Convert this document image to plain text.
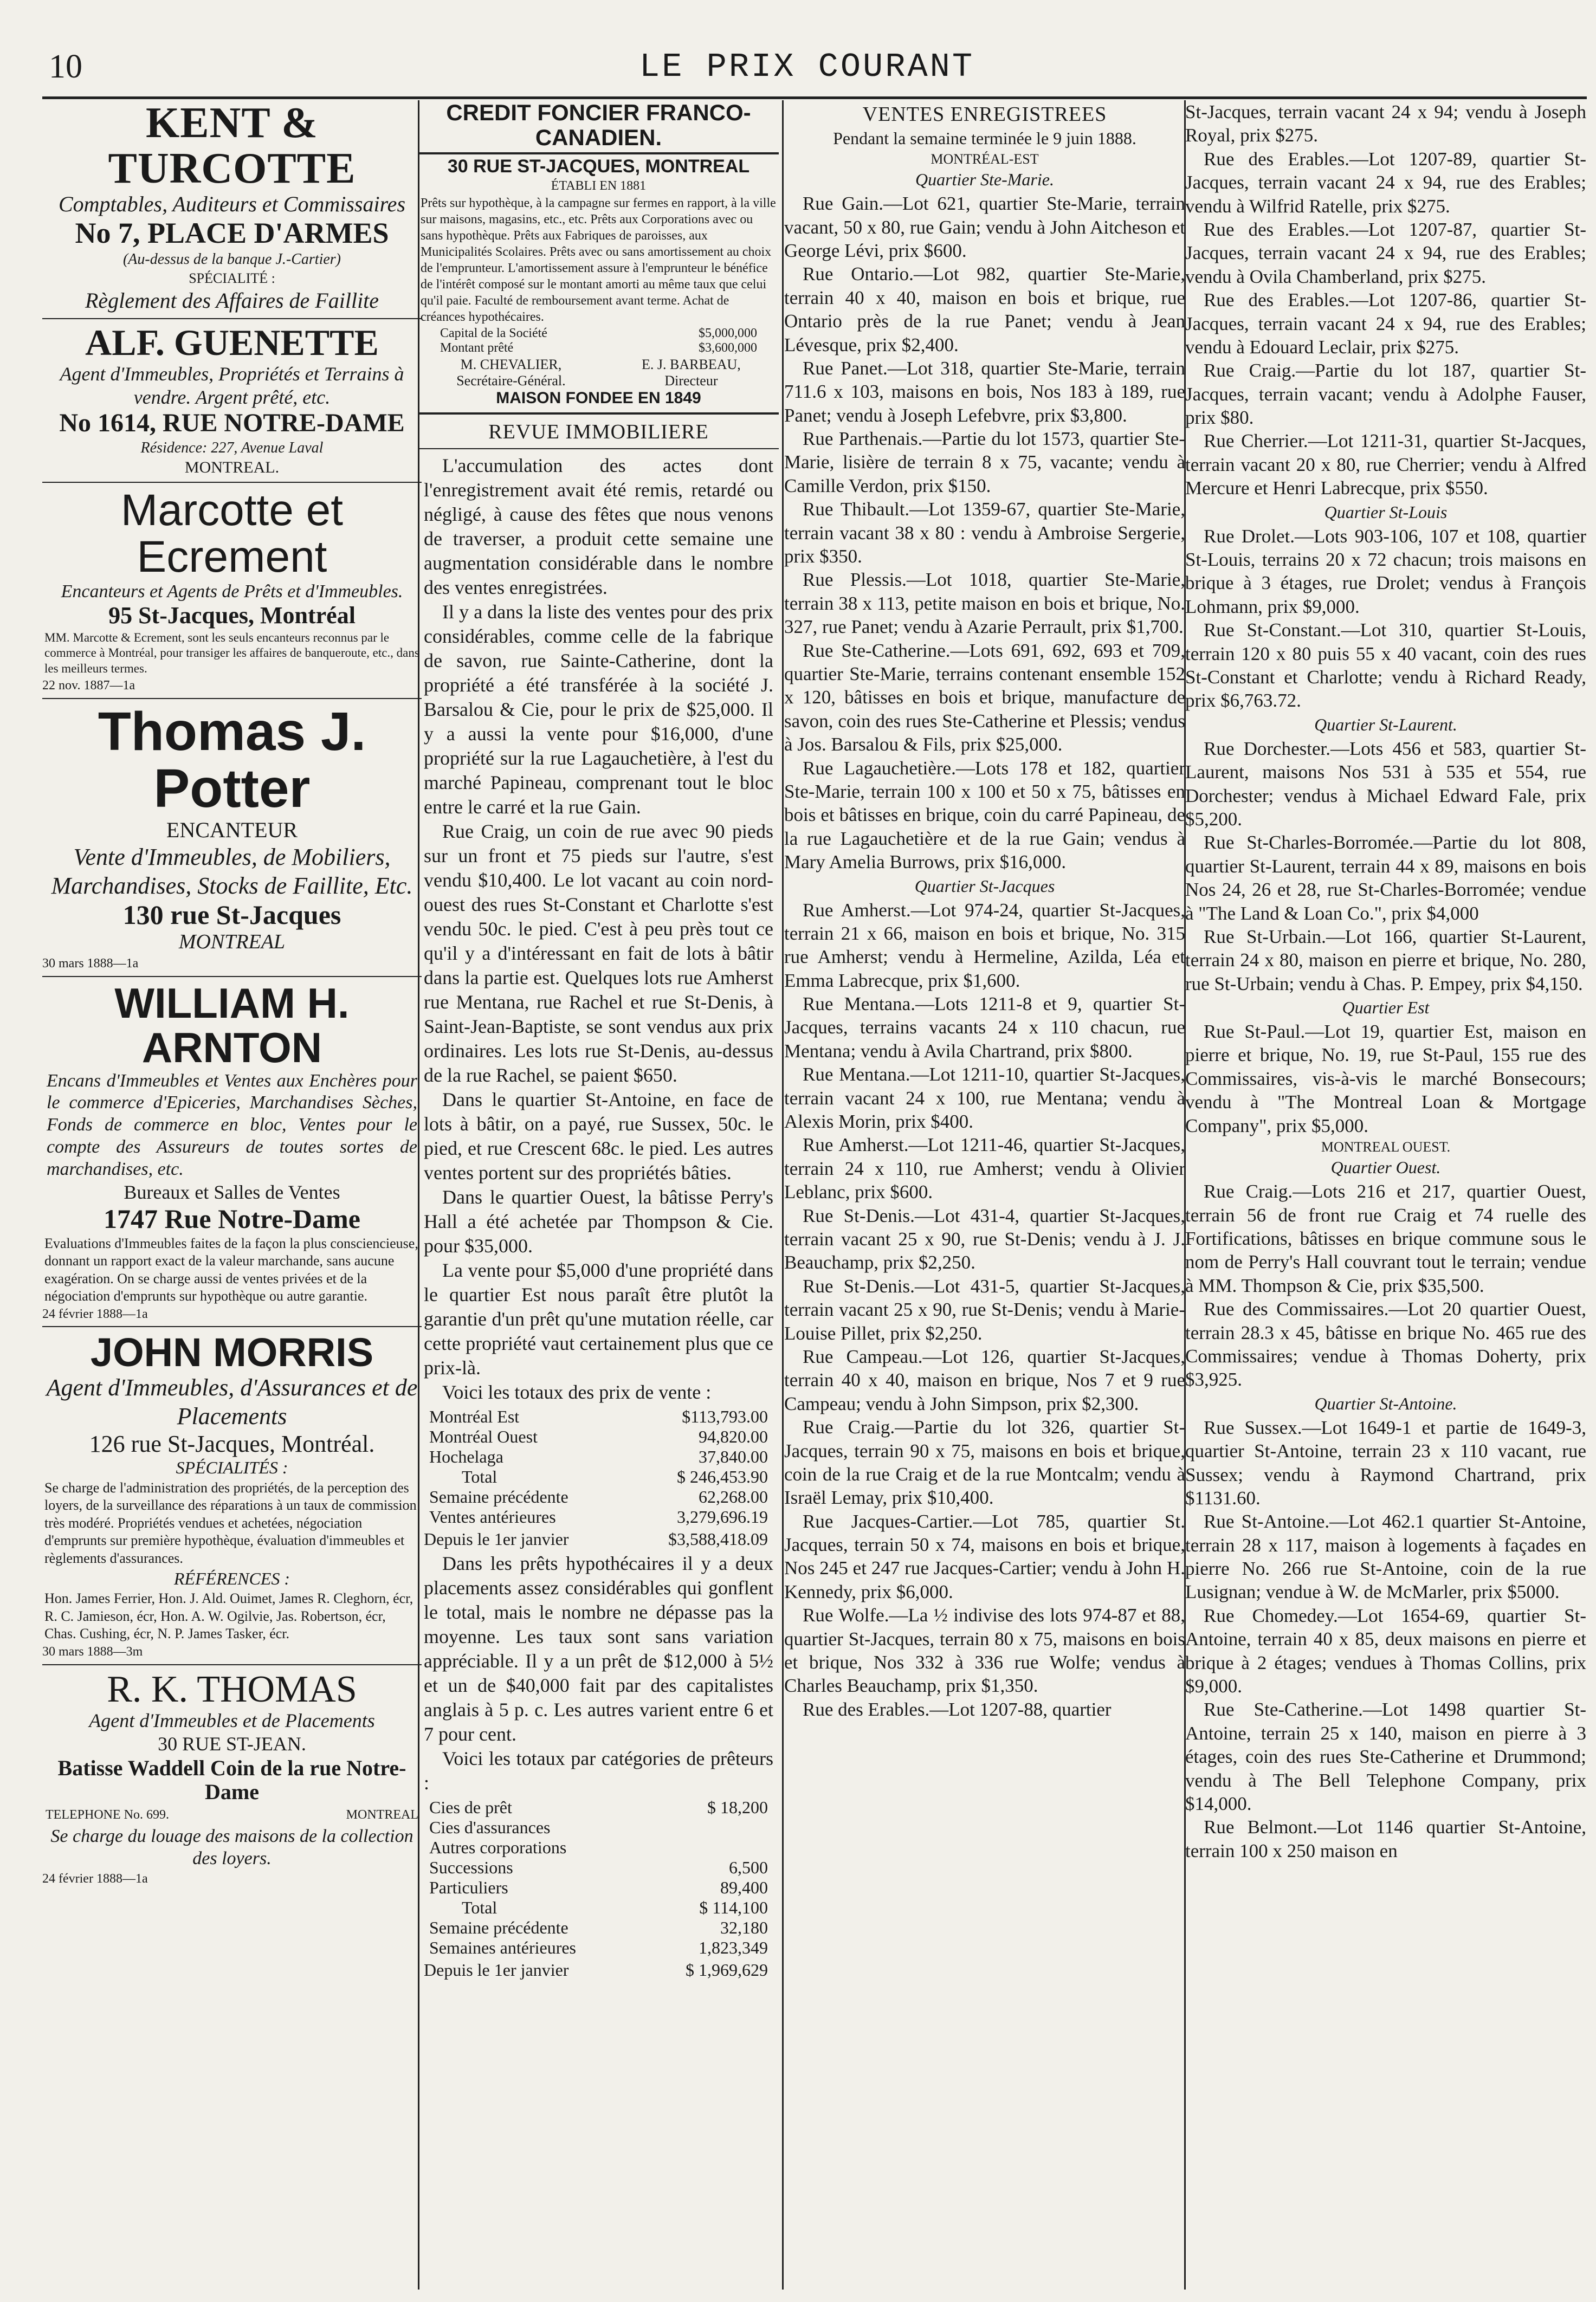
10	LE PRIX COURANT

KENT & TURCOTTE

Comptables, Auditeurs et Commissaires

No 7, PLACE D'ARMES

(Au-dessus de la banque J.-Cartier)

SPÉCIALITÉ :

Règlement des Affaires de Faillite

ALF. GUENETTE

Agent d'Immeubles, Propriétés et Terrains à vendre. Argent prêté, etc.

No 1614, RUE NOTRE-DAME

Résidence: 227, Avenue Laval

MONTREAL.

Marcotte et Ecrement

Encanteurs et Agents de Prêts et d'Immeubles.

95 St-Jacques, Montréal

MM. Marcotte & Ecrement, sont les seuls encanteurs reconnus par le commerce à Montréal, pour transiger les affaires de banqueroute, etc., dans les meilleurs termes.

22 nov. 1887—1a

Thomas J. Potter

ENCANTEUR

Vente d'Immeubles, de Mobiliers, Marchandises, Stocks de Faillite, Etc.

130 rue St-Jacques

MONTREAL

30 mars 1888—1a

WILLIAM H. ARNTON

Encans d'Immeubles et Ventes aux Enchères pour le commerce d'Epiceries, Marchandises Sèches, Fonds de commerce en bloc, Ventes pour le compte des Assureurs de toutes sortes de marchandises, etc.

Bureaux et Salles de Ventes

1747 Rue Notre-Dame

Evaluations d'Immeubles faites de la façon la plus consciencieuse, donnant un rapport exact de la valeur marchande, sans aucune exagération. On se charge aussi de ventes privées et de la négociation d'emprunts sur hypothèque ou autre garantie.

24 février 1888—1a

JOHN MORRIS

Agent d'Immeubles, d'Assurances et de Placements

126 rue St-Jacques, Montréal.

SPÉCIALITÉS :

Se charge de l'administration des propriétés, de la perception des loyers, de la surveillance des réparations à un taux de commission très modéré. Propriétés vendues et achetées, négociation d'emprunts sur première hypothèque, évaluation d'immeubles et règlements d'assurances.

RÉFÉRENCES :

Hon. James Ferrier, Hon. J. Ald. Ouimet, James R. Cleghorn, écr, R. C. Jamieson, écr, Hon. A. W. Ogilvie, Jas. Robertson, écr, Chas. Cushing, écr, N. P. James Tasker, écr.

30 mars 1888—3m

R. K. THOMAS

Agent d'Immeubles et de Placements

30 RUE ST-JEAN.

Batisse Waddell Coin de la rue Notre-Dame

TELEPHONE No. 699.	MONTREAL

Se charge du louage des maisons de la collection des loyers.

24 février 1888—1a

CREDIT FONCIER FRANCO-CANADIEN.

30 RUE ST-JACQUES, MONTREAL

ÉTABLI EN 1881

Prêts sur hypothèque, à la campagne sur fermes en rapport, à la ville sur maisons, magasins, etc., etc. Prêts aux Corporations avec ou sans hypothèque. Prêts aux Fabriques de paroisses, aux Municipalités Scolaires. Prêts avec ou sans amortissement au choix de l'emprunteur. L'amortissement assure à l'emprunteur le bénéfice de l'intérêt composé sur le montant amorti au même taux que celui qu'il paie. Faculté de remboursement avant terme. Achat de créances hypothécaires.

Capital de la Société	$5,000,000
Montant prêté	$3,600,000
M. CHEVALIER,
Secrétaire-Général.
E. J. BARBEAU,
Directeur

MAISON FONDEE EN 1849

REVUE IMMOBILIERE

L'accumulation des actes dont l'enregistrement avait été remis, retardé ou négligé, à cause des fêtes que nous venons de traverser, a produit cette semaine une augmentation considérable dans le nombre des ventes enregistrées.

Il y a dans la liste des ventes pour des prix considérables, comme celle de la fabrique de savon, rue Sainte-Catherine, dont la propriété a été transférée à la société J. Barsalou & Cie, pour le prix de $25,000. Il y a aussi la vente pour $16,000, d'une propriété sur la rue Lagauchetière, à l'est du marché Papineau, comprenant tout le bloc entre le carré et la rue Gain.

Rue Craig, un coin de rue avec 90 pieds sur un front et 75 pieds sur l'autre, s'est vendu $10,400. Le lot vacant au coin nord-ouest des rues St-Constant et Charlotte s'est vendu 50c. le pied. C'est à peu près tout ce qu'il y a d'intéressant en fait de lots à bâtir dans la partie est. Quelques lots rue Amherst rue Mentana, rue Rachel et rue St-Denis, à Saint-Jean-Baptiste, se sont vendus aux prix ordinaires. Les lots rue St-Denis, au-dessus de la rue Rachel, se paient $650.

Dans le quartier St-Antoine, en face de lots à bâtir, on a payé, rue Sussex, 50c. le pied, et rue Crescent 68c. le pied. Les autres ventes portent sur des propriétés bâties.

Dans le quartier Ouest, la bâtisse Perry's Hall a été achetée par Thompson & Cie. pour $35,000.

La vente pour $5,000 d'une propriété dans le quartier Est nous paraît être plutôt la garantie d'un prêt qu'une mutation réelle, car cette propriété vaut certainement plus que ce prix-là.

Voici les totaux des prix de vente :

Montréal Est	$113,793.00
Montréal Ouest	94,820.00
Hochelaga	37,840.00
Total	$ 246,453.90
Semaine précédente	62,268.00
Ventes antérieures	3,279,696.19
Depuis le 1er janvier	$3,588,418.09

Dans les prêts hypothécaires il y a deux placements assez considérables qui gonflent le total, mais le nombre ne dépasse pas la moyenne. Les taux sont sans variation appréciable. Il y a un prêt de $12,000 à 5½ et un de $40,000 fait par des capitalistes anglais à 5 p. c. Les autres varient entre 6 et 7 pour cent.

Voici les totaux par catégories de prêteurs :

Cies de prêt	$ 18,200
Cies d'assurances
Autres corporations
Successions	6,500
Particuliers	89,400
Total	$ 114,100
Semaine précédente	32,180
Semaines antérieures	1,823,349
Depuis le 1er janvier	$ 1,969,629

VENTES ENREGISTREES

Pendant la semaine terminée le 9 juin 1888.

MONTRÉAL-EST

Quartier Ste-Marie.

Rue Gain.—Lot 621, quartier Ste-Marie, terrain vacant, 50 x 80, rue Gain; vendu à John Aitcheson et George Lévi, prix $600.

Rue Ontario.—Lot 982, quartier Ste-Marie, terrain 40 x 40, maison en bois et brique, rue Ontario près de la rue Panet; vendu à Jean Lévesque, prix $2,400.

Rue Panet.—Lot 318, quartier Ste-Marie, terrain 711.6 x 103, maisons en bois, Nos 183 à 189, rue Panet; vendu à Joseph Lefebvre, prix $3,800.

Rue Parthenais.—Partie du lot 1573, quartier Ste-Marie, lisière de terrain 8 x 75, vacante; vendu à Camille Verdon, prix $150.

Rue Thibault.—Lot 1359-67, quartier Ste-Marie, terrain vacant 38 x 80 : vendu à Ambroise Sergerie, prix $350.

Rue Plessis.—Lot 1018, quartier Ste-Marie, terrain 38 x 113, petite maison en bois et brique, No. 327, rue Panet; vendu à Azarie Perrault, prix $1,700.

Rue Ste-Catherine.—Lots 691, 692, 693 et 709, quartier Ste-Marie, terrains contenant ensemble 152 x 120, bâtisses en bois et brique, manufacture de savon, coin des rues Ste-Catherine et Plessis; vendus à Jos. Barsalou & Fils, prix $25,000.

Rue Lagauchetière.—Lots 178 et 182, quartier Ste-Marie, terrain 100 x 100 et 50 x 75, bâtisses en bois et bâtisses en brique, coin du carré Papineau, de la rue Lagauchetière et de la rue Gain; vendus à Mary Amelia Burrows, prix $16,000.

Quartier St-Jacques

Rue Amherst.—Lot 974-24, quartier St-Jacques, terrain 21 x 66, maison en bois et brique, No. 315 rue Amherst; vendu à Hermeline, Azilda, Léa et Emma Labrecque, prix $1,600.

Rue Mentana.—Lots 1211-8 et 9, quartier St-Jacques, terrains vacants 24 x 110 chacun, rue Mentana; vendu à Avila Chartrand, prix $800.

Rue Mentana.—Lot 1211-10, quartier St-Jacques, terrain vacant 24 x 100, rue Mentana; vendu à Alexis Morin, prix $400.

Rue Amherst.—Lot 1211-46, quartier St-Jacques, terrain 24 x 110, rue Amherst; vendu à Olivier Leblanc, prix $600.

Rue St-Denis.—Lot 431-4, quartier St-Jacques, terrain vacant 25 x 90, rue St-Denis; vendu à J. J. Beauchamp, prix $2,250.

Rue St-Denis.—Lot 431-5, quartier St-Jacques, terrain vacant 25 x 90, rue St-Denis; vendu à Marie-Louise Pillet, prix $2,250.

Rue Campeau.—Lot 126, quartier St-Jacques, terrain 40 x 40, maison en brique, Nos 7 et 9 rue Campeau; vendu à John Simpson, prix $2,300.

Rue Craig.—Partie du lot 326, quartier St-Jacques, terrain 90 x 75, maisons en bois et brique, coin de la rue Craig et de la rue Montcalm; vendu à Israël Lemay, prix $10,400.

Rue Jacques-Cartier.—Lot 785, quartier St. Jacques, terrain 50 x 74, maisons en bois et brique, Nos 245 et 247 rue Jacques-Cartier; vendu à John H. Kennedy, prix $6,000.

Rue Wolfe.—La ½ indivise des lots 974-87 et 88, quartier St-Jacques, terrain 80 x 75, maisons en bois et brique, Nos 332 à 336 rue Wolfe; vendus à Charles Beauchamp, prix $1,350.

Rue des Erables.—Lot 1207-88, quartier

St-Jacques, terrain vacant 24 x 94; vendu à Joseph Royal, prix $275.

Rue des Erables.—Lot 1207-89, quartier St-Jacques, terrain vacant 24 x 94, rue des Erables; vendu à Wilfrid Ratelle, prix $275.

Rue des Erables.—Lot 1207-87, quartier St-Jacques, terrain vacant 24 x 94, rue des Erables; vendu à Ovila Chamberland, prix $275.

Rue des Erables.—Lot 1207-86, quartier St-Jacques, terrain vacant 24 x 94, rue des Erables; vendu à Edouard Leclair, prix $275.

Rue Craig.—Partie du lot 187, quartier St-Jacques, terrain vacant; vendu à Adolphe Fauser, prix $80.

Rue Cherrier.—Lot 1211-31, quartier St-Jacques, terrain vacant 20 x 80, rue Cherrier; vendu à Alfred Mercure et Henri Labrecque, prix $550.

Quartier St-Louis

Rue Drolet.—Lots 903-106, 107 et 108, quartier St-Louis, terrains 20 x 72 chacun; trois maisons en brique à 3 étages, rue Drolet; vendus à François Lohmann, prix $9,000.

Rue St-Constant.—Lot 310, quartier St-Louis, terrain 120 x 80 puis 55 x 40 vacant, coin des rues St-Constant et Charlotte; vendu à Richard Ready, prix $6,763.72.

Quartier St-Laurent.

Rue Dorchester.—Lots 456 et 583, quartier St-Laurent, maisons Nos 531 à 535 et 554, rue Dorchester; vendus à Michael Edward Fale, prix $5,200.

Rue St-Charles-Borromée.—Partie du lot 808, quartier St-Laurent, terrain 44 x 89, maisons en bois Nos 24, 26 et 28, rue St-Charles-Borromée; vendue à "The Land & Loan Co.", prix $4,000

Rue St-Urbain.—Lot 166, quartier St-Laurent, terrain 24 x 80, maison en pierre et brique, No. 280, rue St-Urbain; vendu à Chas. P. Empey, prix $4,150.

Quartier Est

Rue St-Paul.—Lot 19, quartier Est, maison en pierre et brique, No. 19, rue St-Paul, 155 rue des Commissaires, vis-à-vis le marché Bonsecours; vendu à "The Montreal Loan & Mortgage Company", prix $5,000.

MONTREAL OUEST.

Quartier Ouest.

Rue Craig.—Lots 216 et 217, quartier Ouest, terrain 56 de front rue Craig et 74 ruelle des Fortifications, bâtisses en brique commune sous le nom de Perry's Hall couvrant tout le terrain; vendue à MM. Thompson & Cie, prix $35,500.

Rue des Commissaires.—Lot 20 quartier Ouest, terrain 28.3 x 45, bâtisse en brique No. 465 rue des Commissaires; vendue à Thomas Doherty, prix $3,925.

Quartier St-Antoine.

Rue Sussex.—Lot 1649-1 et partie de 1649-3, quartier St-Antoine, terrain 23 x 110 vacant, rue Sussex; vendu à Raymond Chartrand, prix $1131.60.

Rue St-Antoine.—Lot 462.1 quartier St-Antoine, terrain 28 x 117, maison à logements à façades en pierre No. 266 rue St-Antoine, coin de la rue Lusignan; vendue à W. de McMarler, prix $5000.

Rue Chomedey.—Lot 1654-69, quartier St-Antoine, terrain 40 x 85, deux maisons en pierre et brique à 2 étages; vendues à Thomas Collins, prix $9,000.

Rue Ste-Catherine.—Lot 1498 quartier St-Antoine, terrain 25 x 140, maison en pierre à 3 étages, coin des rues Ste-Catherine et Drummond; vendu à The Bell Telephone Company, prix $14,000.

Rue Belmont.—Lot 1146 quartier St-Antoine, terrain 100 x 250 maison en
